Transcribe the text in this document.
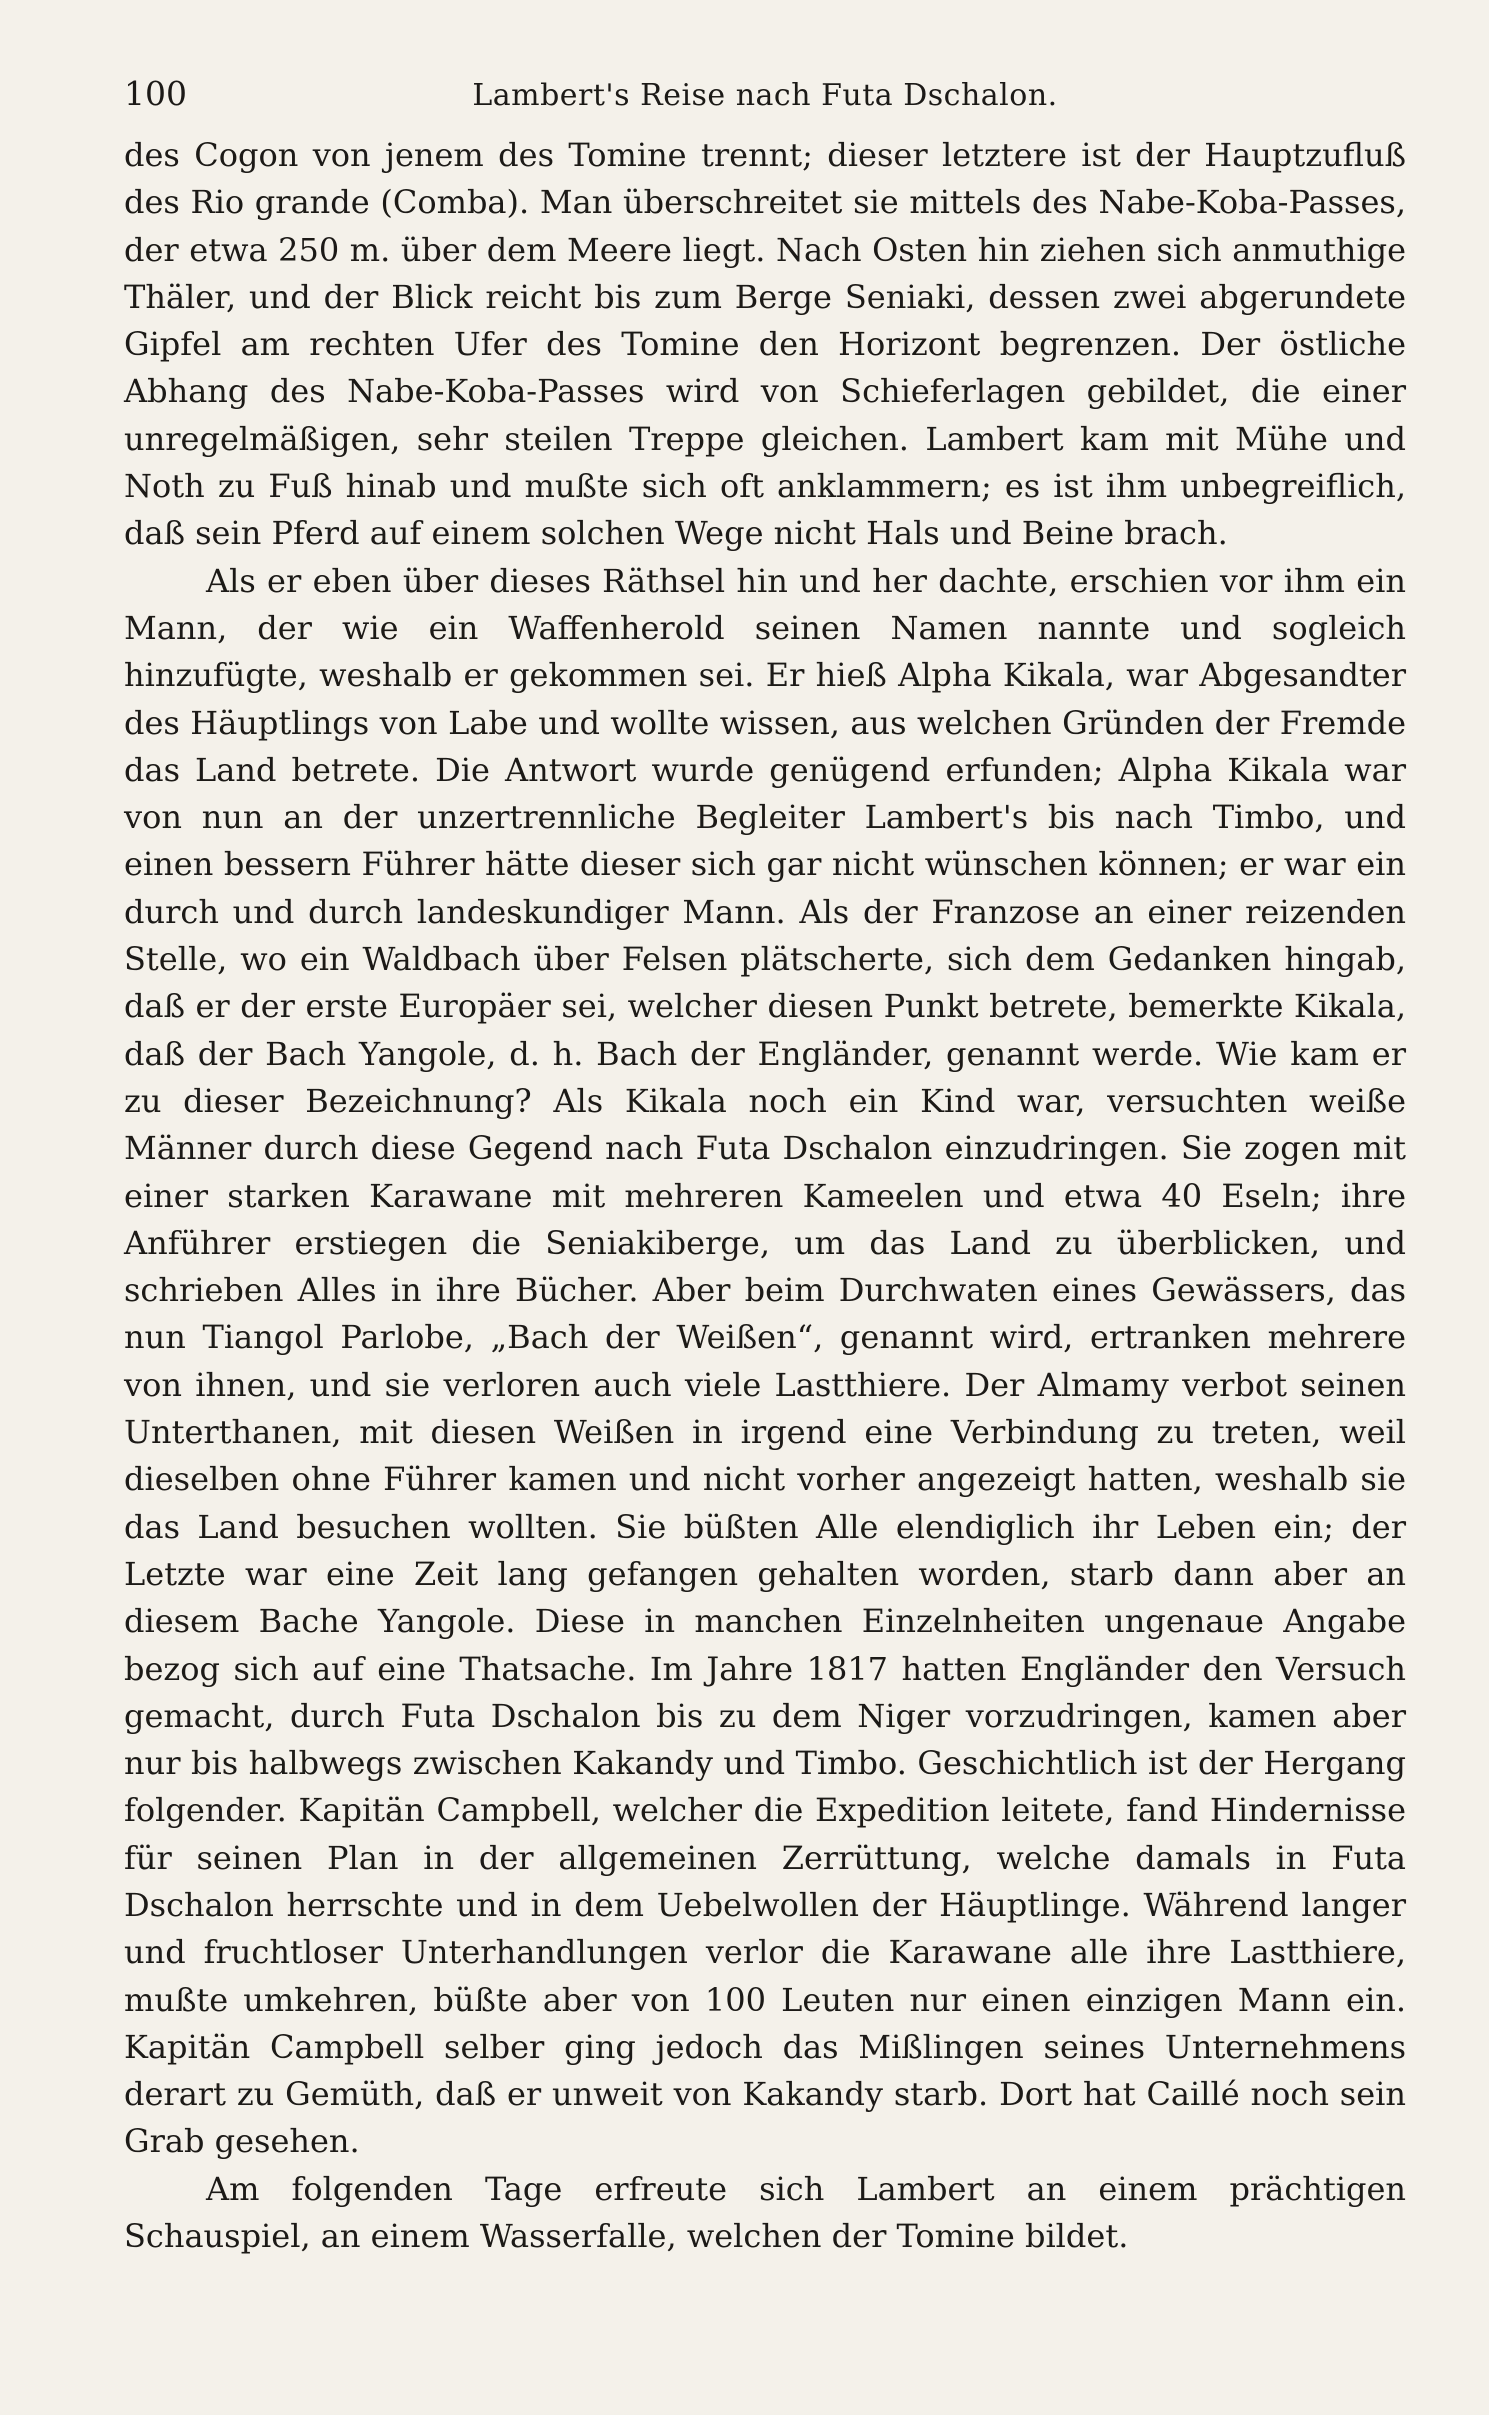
100	Lambert's Reise nach Futa Dschalon.

des Cogon von jenem des Tomine trennt; dieser letztere ist der Hauptzufluß des Rio grande (Comba). Man überschreitet sie mittels des Nabe-Koba-Passes, der etwa 250 m. über dem Meere liegt. Nach Osten hin ziehen sich anmuthige Thäler, und der Blick reicht bis zum Berge Seniaki, dessen zwei abgerundete Gipfel am rechten Ufer des Tomine den Horizont begrenzen. Der östliche Abhang des Nabe-Koba-Passes wird von Schieferlagen gebildet, die einer unregelmäßigen, sehr steilen Treppe gleichen. Lambert kam mit Mühe und Noth zu Fuß hinab und mußte sich oft anklammern; es ist ihm unbegreiflich, daß sein Pferd auf einem solchen Wege nicht Hals und Beine brach.

Als er eben über dieses Räthsel hin und her dachte, erschien vor ihm ein Mann, der wie ein Waffenherold seinen Namen nannte und sogleich hinzufügte, weshalb er gekommen sei. Er hieß Alpha Kikala, war Abgesandter des Häuptlings von Labe und wollte wissen, aus welchen Gründen der Fremde das Land betrete. Die Antwort wurde genügend erfunden; Alpha Kikala war von nun an der unzertrennliche Begleiter Lambert's bis nach Timbo, und einen bessern Führer hätte dieser sich gar nicht wünschen können; er war ein durch und durch landeskundiger Mann. Als der Franzose an einer reizenden Stelle, wo ein Waldbach über Felsen plätscherte, sich dem Gedanken hingab, daß er der erste Europäer sei, welcher diesen Punkt betrete, bemerkte Kikala, daß der Bach Yangole, d. h. Bach der Engländer, genannt werde. Wie kam er zu dieser Bezeichnung? Als Kikala noch ein Kind war, versuchten weiße Männer durch diese Gegend nach Futa Dschalon einzudringen. Sie zogen mit einer starken Karawane mit mehreren Kameelen und etwa 40 Eseln; ihre Anführer erstiegen die Seniakiberge, um das Land zu überblicken, und schrieben Alles in ihre Bücher. Aber beim Durchwaten eines Gewässers, das nun Tiangol Parlobe, „Bach der Weißen“, genannt wird, ertranken mehrere von ihnen, und sie verloren auch viele Lastthiere. Der Almamy verbot seinen Unterthanen, mit diesen Weißen in irgend eine Verbindung zu treten, weil dieselben ohne Führer kamen und nicht vorher angezeigt hatten, weshalb sie das Land besuchen wollten. Sie büßten Alle elendiglich ihr Leben ein; der Letzte war eine Zeit lang gefangen gehalten worden, starb dann aber an diesem Bache Yangole. Diese in manchen Einzelnheiten ungenaue Angabe bezog sich auf eine Thatsache. Im Jahre 1817 hatten Engländer den Versuch gemacht, durch Futa Dschalon bis zu dem Niger vorzudringen, kamen aber nur bis halbwegs zwischen Kakandy und Timbo. Geschichtlich ist der Hergang folgender. Kapitän Campbell, welcher die Expedition leitete, fand Hindernisse für seinen Plan in der allgemeinen Zerrüttung, welche damals in Futa Dschalon herrschte und in dem Uebelwollen der Häuptlinge. Während langer und fruchtloser Unterhandlungen verlor die Karawane alle ihre Lastthiere, mußte umkehren, büßte aber von 100 Leuten nur einen einzigen Mann ein. Kapitän Campbell selber ging jedoch das Mißlingen seines Unternehmens derart zu Gemüth, daß er unweit von Kakandy starb. Dort hat Caillé noch sein Grab gesehen.

Am folgenden Tage erfreute sich Lambert an einem prächtigen Schauspiel, an einem Wasserfalle, welchen der Tomine bildet.
